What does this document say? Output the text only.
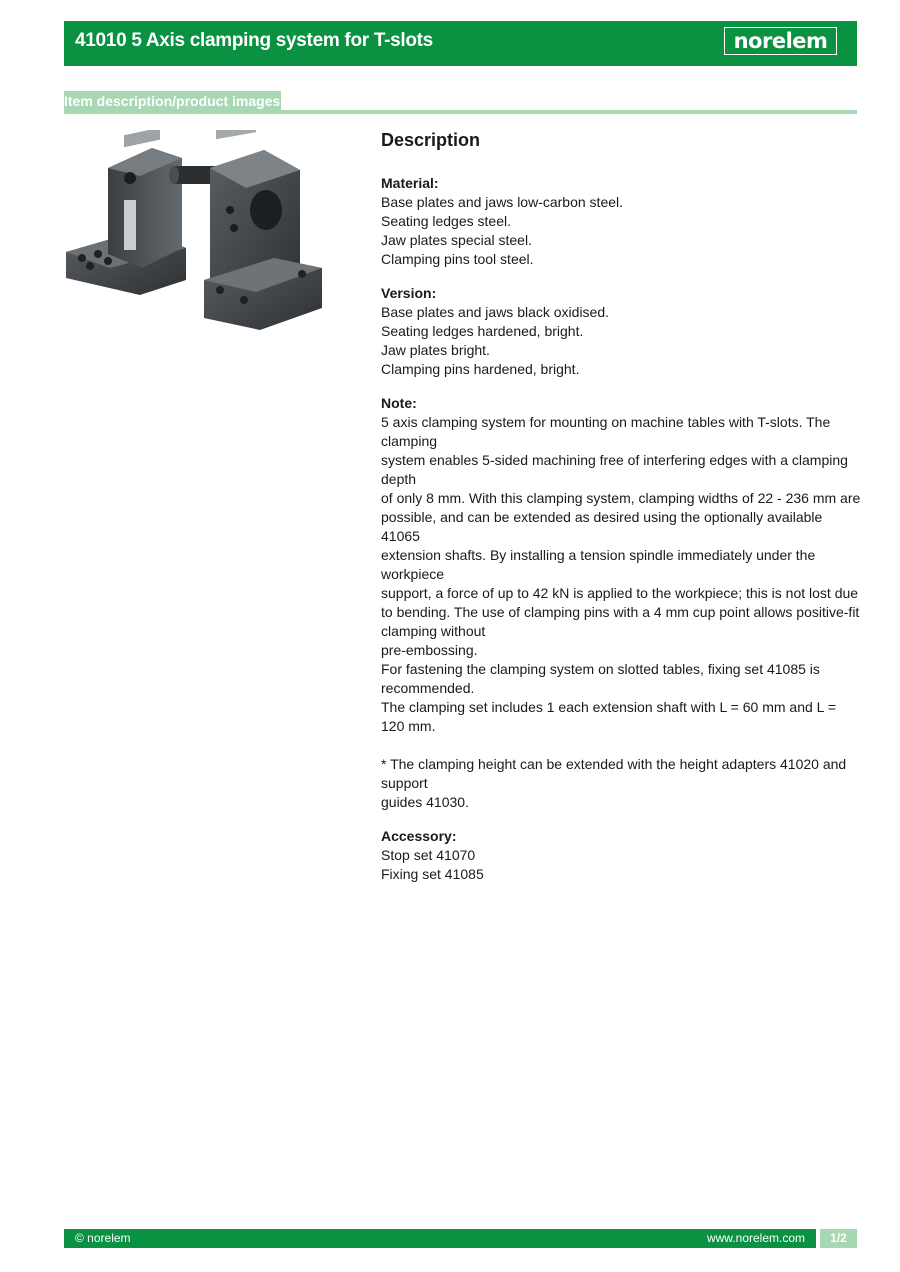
41010 5 Axis clamping system for T-slots	norelem
Item description/product images
Description
Material:
Base plates and jaws low-carbon steel.
Seating ledges steel.
Jaw plates special steel.
Clamping pins tool steel.
Version:
Base plates and jaws black oxidised.
Seating ledges hardened, bright.
Jaw plates bright.
Clamping pins hardened, bright.
Note:
5 axis clamping system for mounting on machine tables with T-slots. The clamping
system enables 5-sided machining free of interfering edges with a clamping depth
of only 8 mm. With this clamping system, clamping widths of 22 - 236 mm are
possible, and can be extended as desired using the optionally available 41065
extension shafts. By installing a tension spindle immediately under the workpiece
support, a force of up to 42 kN is applied to the workpiece; this is not lost due
to bending. The use of clamping pins with a 4 mm cup point allows positive-fit
clamping without
pre-embossing.
For fastening the clamping system on slotted tables, fixing set 41085 is
recommended.
The clamping set includes 1 each extension shaft with L = 60 mm and L = 120 mm.
* The clamping height can be extended with the height adapters 41020 and support
guides 41030.
Accessory:
Stop set 41070
Fixing set 41085
© norelem	www.norelem.com	1/2
